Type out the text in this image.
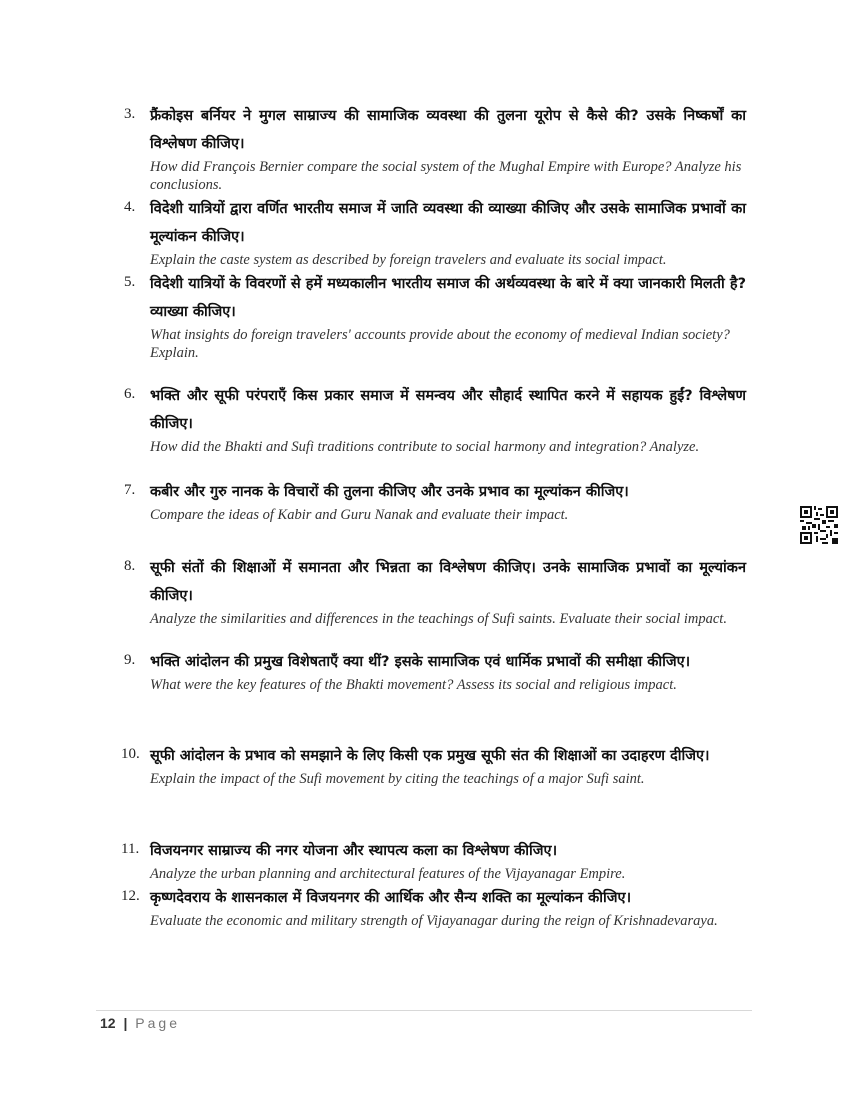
3. फ्रैंकोइस बर्नियर ने मुगल साम्राज्य की सामाजिक व्यवस्था की तुलना यूरोप से कैसे की? उसके निष्कर्षों का विश्लेषण कीजिए।
How did François Bernier compare the social system of the Mughal Empire with Europe? Analyze his conclusions.
4. विदेशी यात्रियों द्वारा वर्णित भारतीय समाज में जाति व्यवस्था की व्याख्या कीजिए और उसके सामाजिक प्रभावों का मूल्यांकन कीजिए।
Explain the caste system as described by foreign travelers and evaluate its social impact.
5. विदेशी यात्रियों के विवरणों से हमें मध्यकालीन भारतीय समाज की अर्थव्यवस्था के बारे में क्या जानकारी मिलती है? व्याख्या कीजिए।
What insights do foreign travelers' accounts provide about the economy of medieval Indian society? Explain.
6. भक्ति और सूफी परंपराएँ किस प्रकार समाज में समन्वय और सौहार्द स्थापित करने में सहायक हुईं? विश्लेषण कीजिए।
How did the Bhakti and Sufi traditions contribute to social harmony and integration? Analyze.
7. कबीर और गुरु नानक के विचारों की तुलना कीजिए और उनके प्रभाव का मूल्यांकन कीजिए।
Compare the ideas of Kabir and Guru Nanak and evaluate their impact.
8. सूफी संतों की शिक्षाओं में समानता और भिन्नता का विश्लेषण कीजिए। उनके सामाजिक प्रभावों का मूल्यांकन कीजिए।
Analyze the similarities and differences in the teachings of Sufi saints. Evaluate their social impact.
9. भक्ति आंदोलन की प्रमुख विशेषताएँ क्या थीं? इसके सामाजिक एवं धार्मिक प्रभावों की समीक्षा कीजिए।
What were the key features of the Bhakti movement? Assess its social and religious impact.
10. सूफी आंदोलन के प्रभाव को समझाने के लिए किसी एक प्रमुख सूफी संत की शिक्षाओं का उदाहरण दीजिए।
Explain the impact of the Sufi movement by citing the teachings of a major Sufi saint.
11. विजयनगर साम्राज्य की नगर योजना और स्थापत्य कला का विश्लेषण कीजिए।
Analyze the urban planning and architectural features of the Vijayanagar Empire.
12. कृष्णदेवराय के शासनकाल में विजयनगर की आर्थिक और सैन्य शक्ति का मूल्यांकन कीजिए।
Evaluate the economic and military strength of Vijayanagar during the reign of Krishnadevaraya.
12 | Page
